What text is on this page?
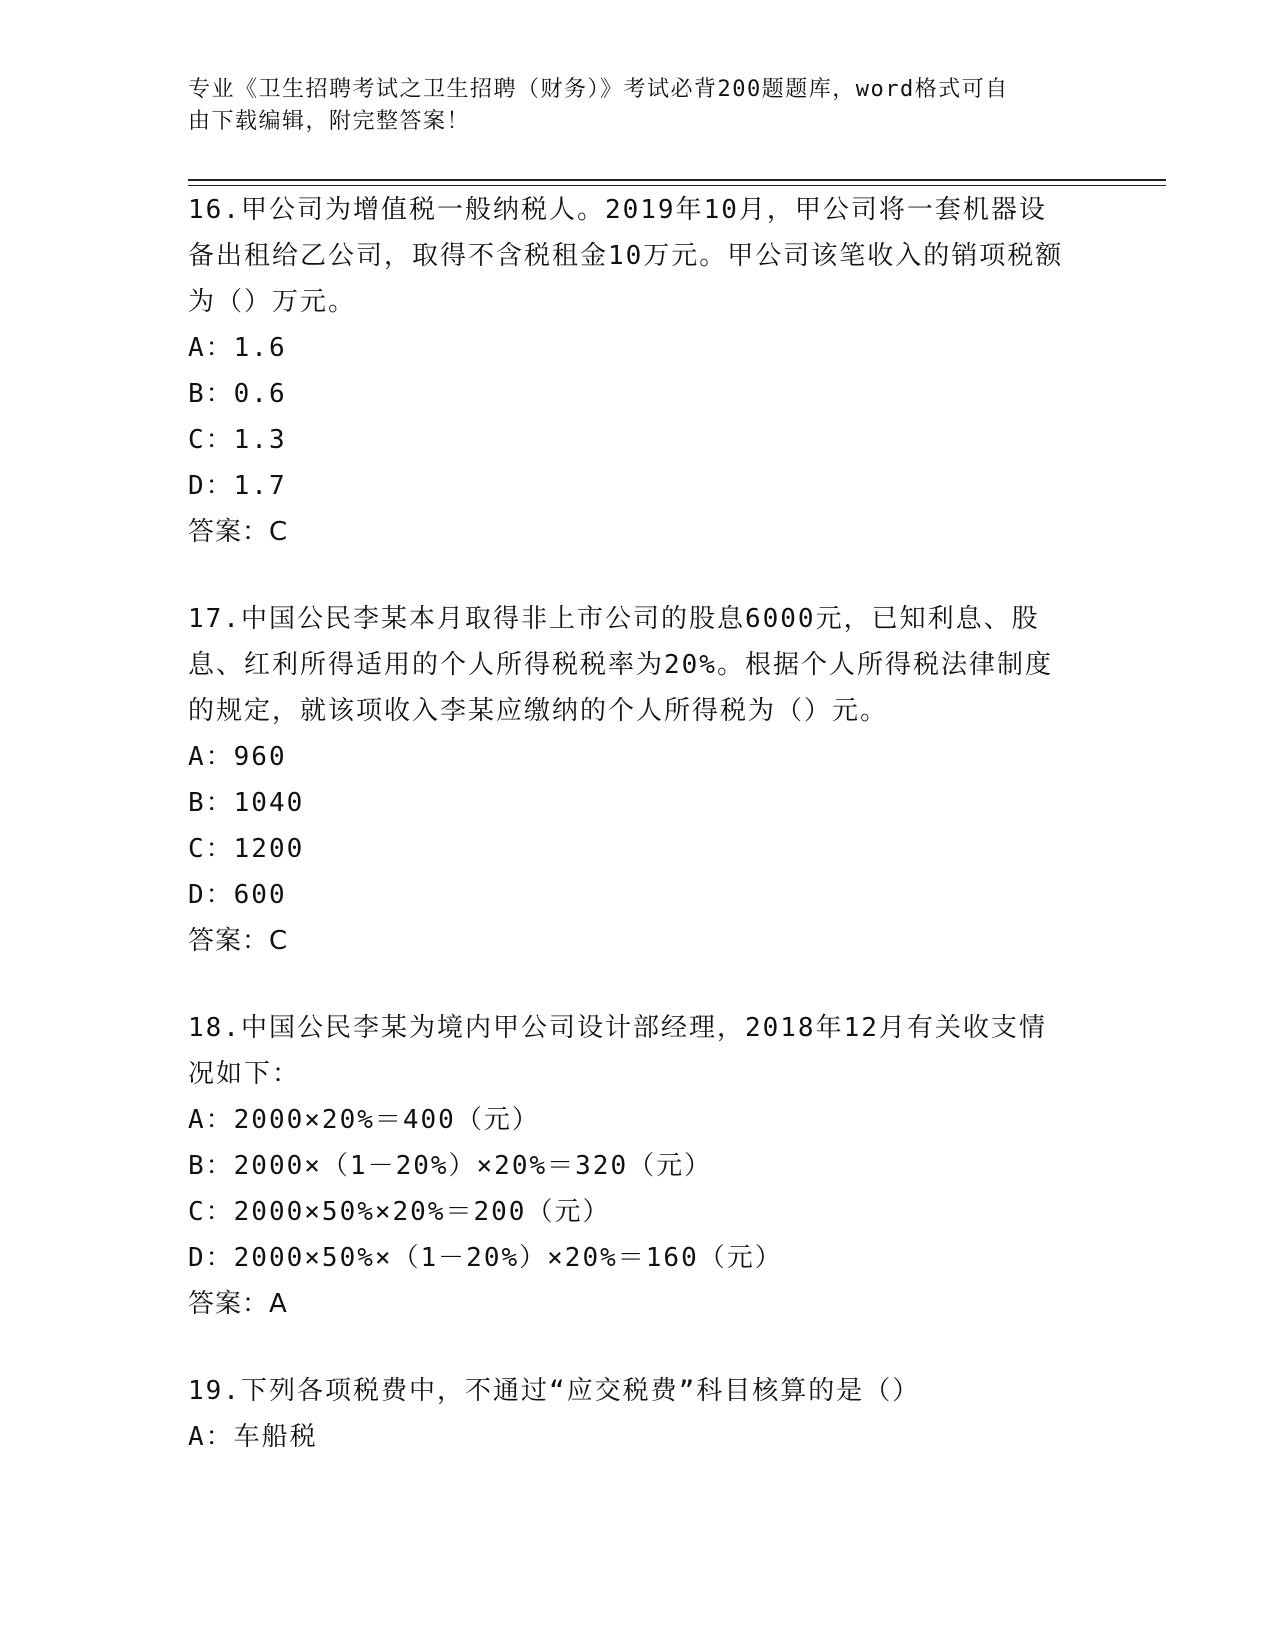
专业《卫生招聘考试之卫生招聘（财务）》考试必背200题题库，word格式可自
由下载编辑，附完整答案！

16.甲公司为增值税一般纳税人。2019年10月，甲公司将一套机器设备出租给乙公司，取得不含税租金10万元。甲公司该笔收入的销项税额为（）万元。

A：1.6

B：0.6

C：1.3

D：1.7

答案：C

17.中国公民李某本月取得非上市公司的股息6000元，已知利息、股息、红利所得适用的个人所得税税率为20%。根据个人所得税法律制度的规定，就该项收入李某应缴纳的个人所得税为（）元。

A：960

B：1040

C：1200

D：600

答案：C

18.中国公民李某为境内甲公司设计部经理，2018年12月有关收支情况如下：

A：2000×20%＝400（元）

B：2000×（1－20%）×20%＝320（元）

C：2000×50%×20%＝200（元）

D：2000×50%×（1－20%）×20%＝160（元）

答案：A

19.下列各项税费中，不通过“应交税费”科目核算的是（）

A：车船税
